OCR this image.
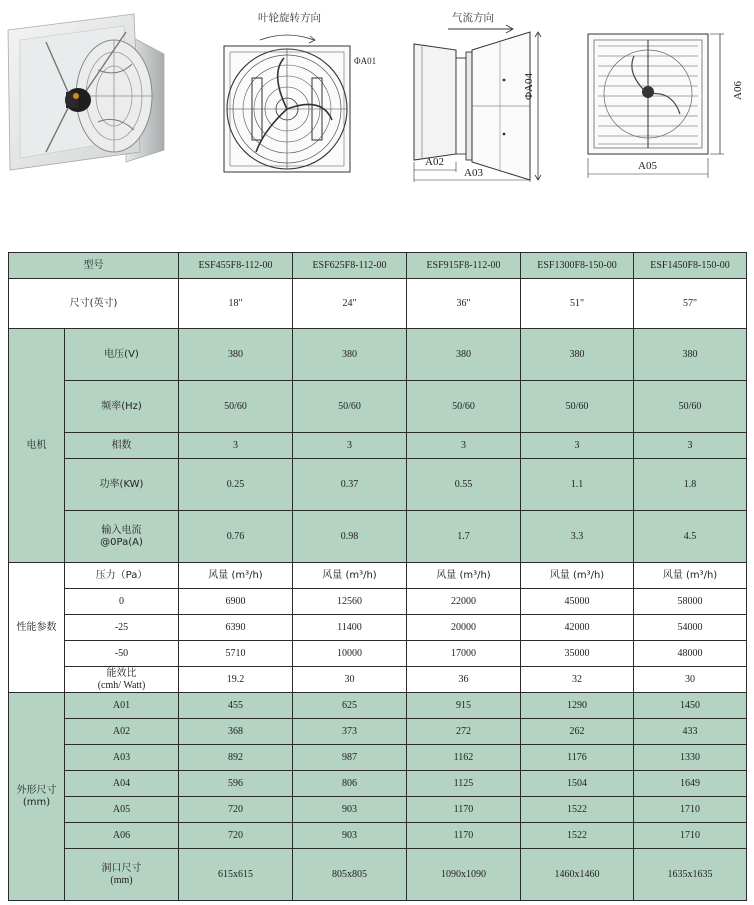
叶轮旋转方向
ΦA01
气流方向
A02
A03
ΦA04
A05
A06
型号		ESF455F8-112-00	ESF625F8-112-00	ESF915F8-112-00	ESF1300F8-150-00	ESF1450F8-150-00
尺寸(英寸)		18"	24"	36"	51"	57"
电机	电压(V)	380	380	380	380	380
	频率(Hz)	50/60	50/60	50/60	50/60	50/60
	相数	3	3	3	3	3
	功率(KW)	0.25	0.37	0.55	1.1	1.8
	输入电流
@0Pa(A)	0.76	0.98	1.7	3.3	4.5
性能参数	压力（Pa）	风量 (m³/h)	风量 (m³/h)	风量 (m³/h)	风量 (m³/h)	风量 (m³/h)
	0	6900	12560	22000	45000	58000
	-25	6390	11400	20000	42000	54000
	-50	5710	10000	17000	35000	48000
	能效比
(cmh/ Watt)	19.2	30	36	32	30
外形尺寸
(mm)	A01	455	625	915	1290	1450
	A02	368	373	272	262	433
	A03	892	987	1162	1176	1330
	A04	596	806	1125	1504	1649
	A05	720	903	1170	1522	1710
	A06	720	903	1170	1522	1710
	洞口尺寸
(mm)	615x615	805x805	1090x1090	1460x1460	1635x1635
